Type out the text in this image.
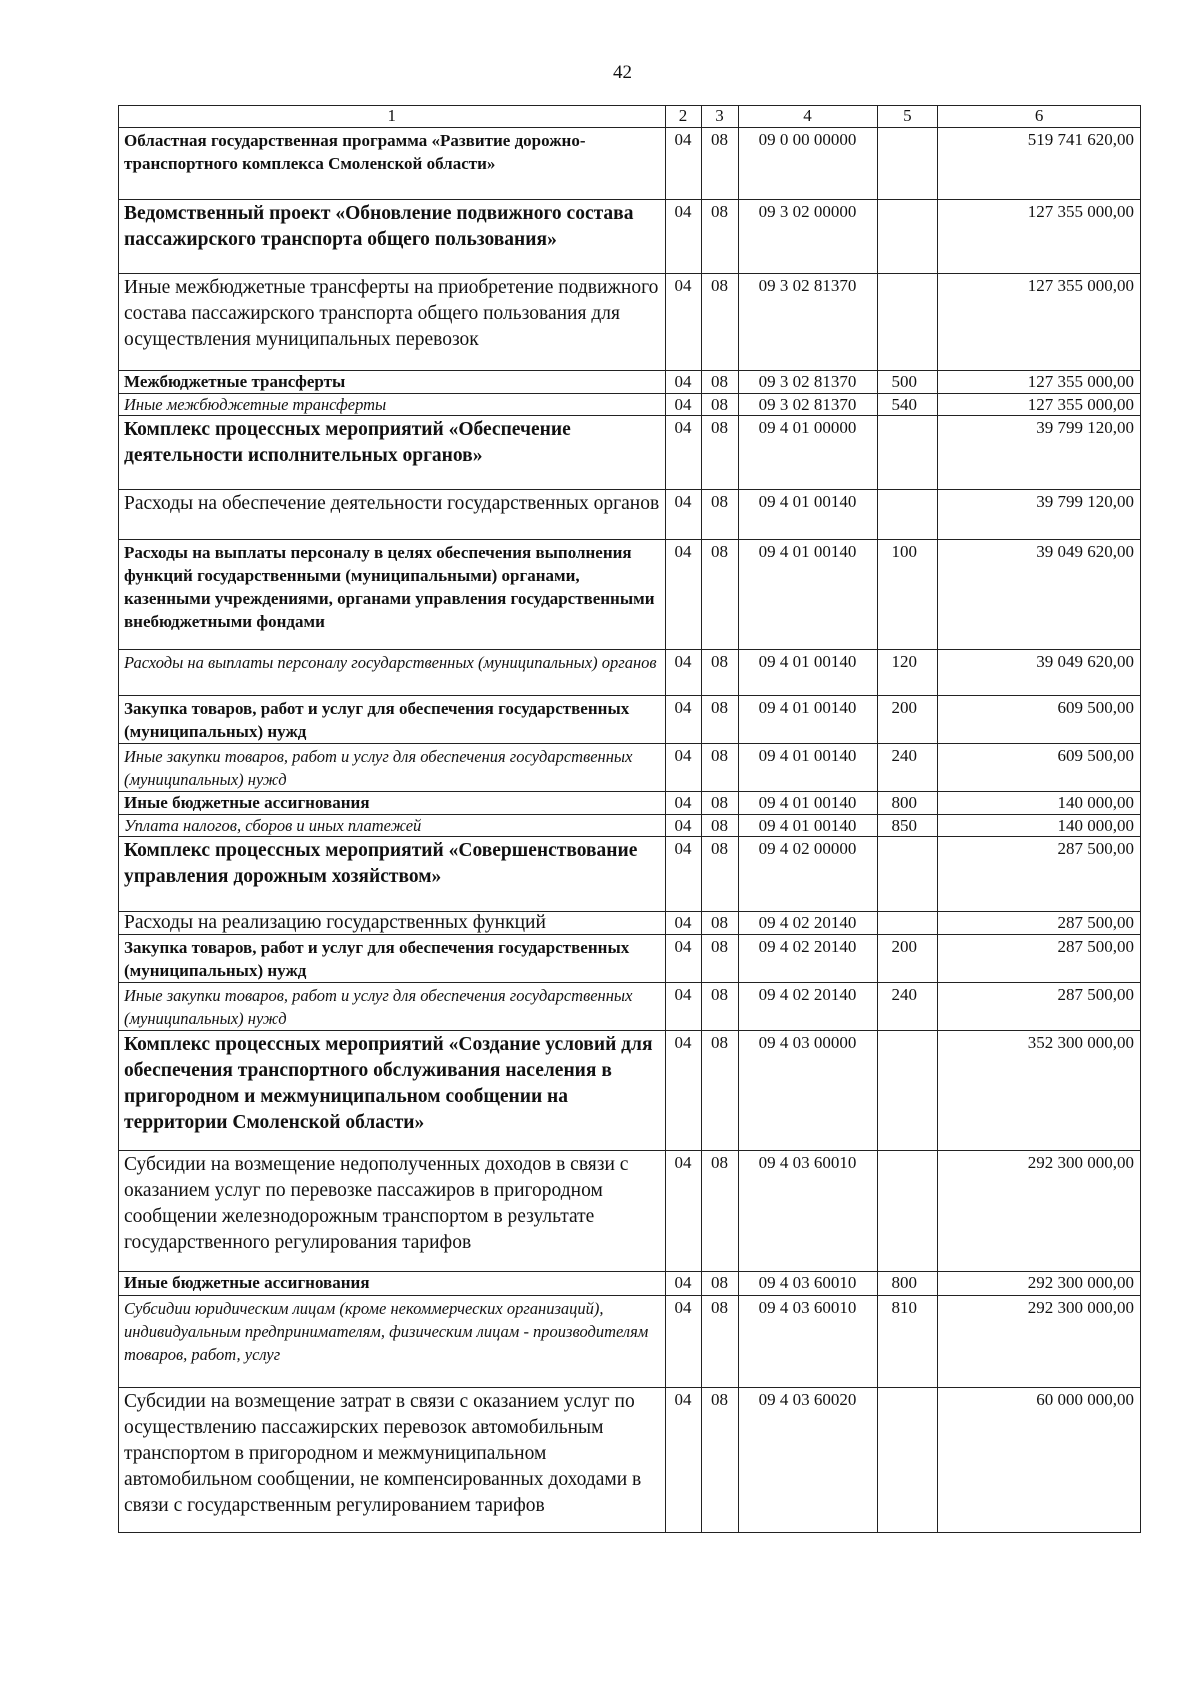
42
1	2	3	4	5	6
Областная государственная программа «Развитие дорожно-транспортного комплекса Смоленской области»	04	08	09 0 00 00000		519 741 620,00
Ведомственный проект «Обновление подвижного состава пассажирского транспорта общего пользования»	04	08	09 3 02 00000		127 355 000,00
Иные межбюджетные трансферты на приобретение подвижного состава пассажирского транспорта общего пользования для осуществления муниципальных перевозок	04	08	09 3 02 81370		127 355 000,00
Межбюджетные трансферты	04	08	09 3 02 81370	500	127 355 000,00
Иные межбюджетные трансферты	04	08	09 3 02 81370	540	127 355 000,00
Комплекс процессных мероприятий «Обеспечение деятельности исполнительных органов»	04	08	09 4 01 00000		39 799 120,00
Расходы на обеспечение деятельности государственных органов	04	08	09 4 01 00140		39 799 120,00
Расходы на выплаты персоналу в целях обеспечения выполнения функций государственными (муниципальными) органами, казенными учреждениями, органами управления государственными внебюджетными фондами	04	08	09 4 01 00140	100	39 049 620,00
Расходы на выплаты персоналу государственных (муниципальных) органов	04	08	09 4 01 00140	120	39 049 620,00
Закупка товаров, работ и услуг для обеспечения государственных (муниципальных) нужд	04	08	09 4 01 00140	200	609 500,00
Иные закупки товаров, работ и услуг для обеспечения государственных (муниципальных) нужд	04	08	09 4 01 00140	240	609 500,00
Иные бюджетные ассигнования	04	08	09 4 01 00140	800	140 000,00
Уплата налогов, сборов и иных платежей	04	08	09 4 01 00140	850	140 000,00
Комплекс процессных мероприятий «Совершенствование управления дорожным хозяйством»	04	08	09 4 02 00000		287 500,00
Расходы на реализацию государственных функций	04	08	09 4 02 20140		287 500,00
Закупка товаров, работ и услуг для обеспечения государственных (муниципальных) нужд	04	08	09 4 02 20140	200	287 500,00
Иные закупки товаров, работ и услуг для обеспечения государственных (муниципальных) нужд	04	08	09 4 02 20140	240	287 500,00
Комплекс процессных мероприятий «Создание условий для обеспечения транспортного обслуживания населения в пригородном и межмуниципальном сообщении на территории Смоленской области»	04	08	09 4 03 00000		352 300 000,00
Субсидии на возмещение недополученных доходов в связи с оказанием услуг по перевозке пассажиров в пригородном сообщении железнодорожным транспортом в результате государственного регулирования тарифов	04	08	09 4 03 60010		292 300 000,00
Иные бюджетные ассигнования	04	08	09 4 03 60010	800	292 300 000,00
Субсидии юридическим лицам (кроме некоммерческих организаций), индивидуальным предпринимателям, физическим лицам - производителям товаров, работ, услуг	04	08	09 4 03 60010	810	292 300 000,00
Субсидии на возмещение затрат в связи с оказанием услуг по осуществлению пассажирских перевозок автомобильным транспортом в пригородном и межмуниципальном автомобильном сообщении, не компенсированных доходами в связи с государственным регулированием тарифов	04	08	09 4 03 60020		60 000 000,00
